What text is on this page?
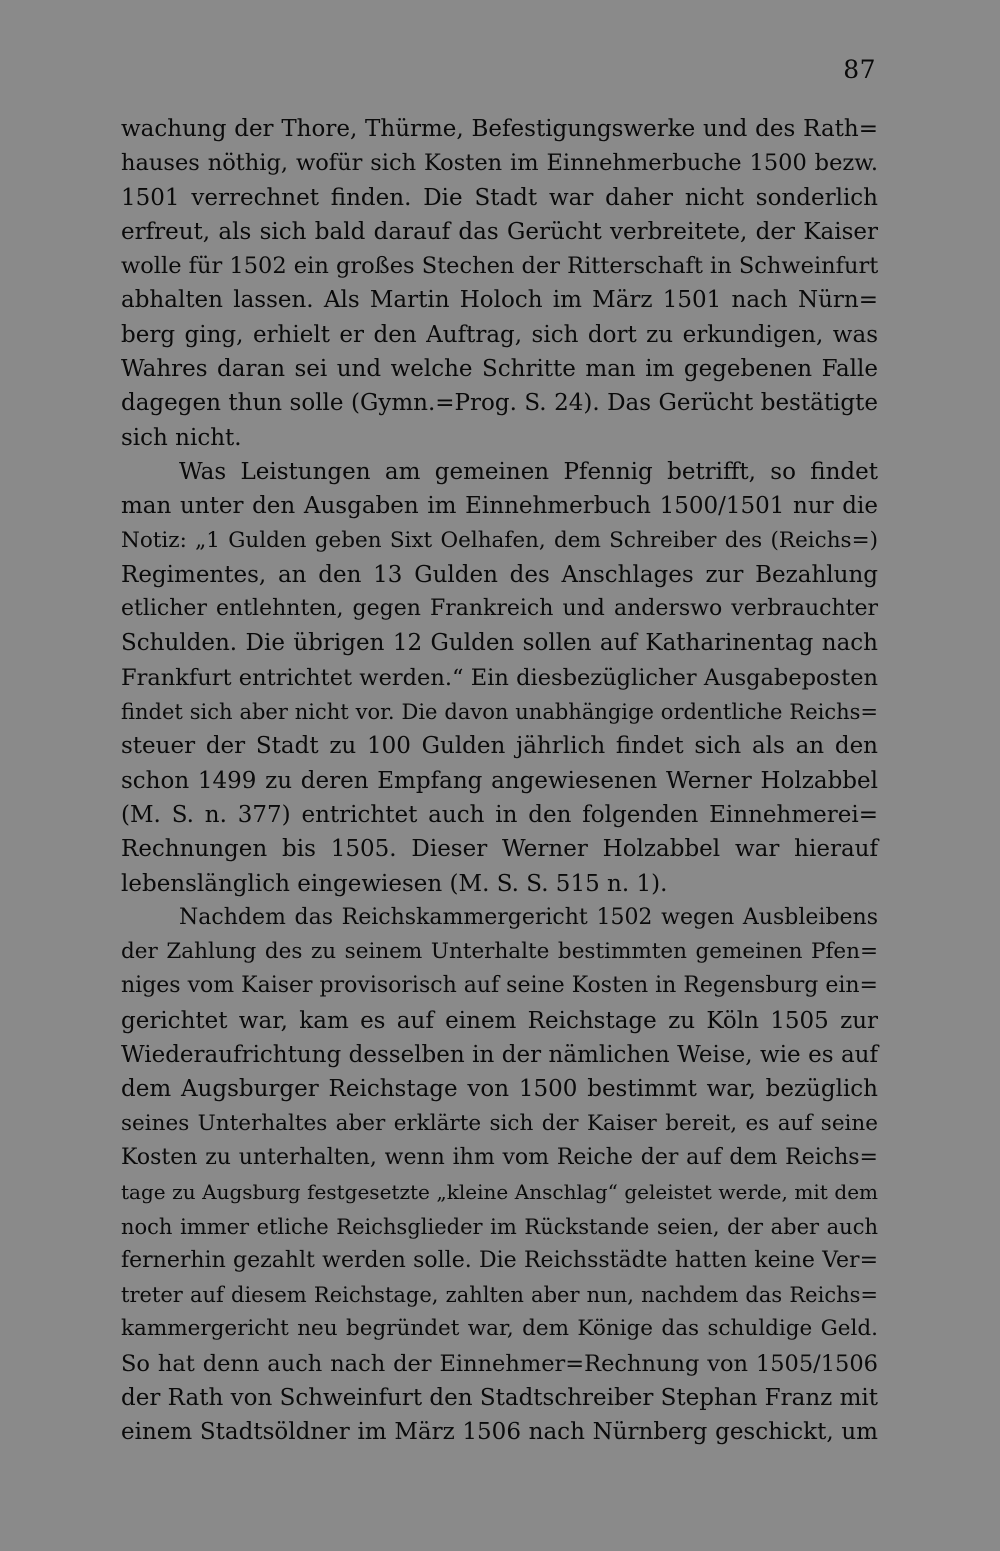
87
wachung der Thore, Thürme, Befestigungswerke und des Rath=
hauses nöthig, wofür sich Kosten im Einnehmerbuche 1500 bezw.
1501 verrechnet finden. Die Stadt war daher nicht sonderlich
erfreut, als sich bald darauf das Gerücht verbreitete, der Kaiser
wolle für 1502 ein großes Stechen der Ritterschaft in Schweinfurt
abhalten lassen. Als Martin Holoch im März 1501 nach Nürn=
berg ging, erhielt er den Auftrag, sich dort zu erkundigen, was
Wahres daran sei und welche Schritte man im gegebenen Falle
dagegen thun solle (Gymn.=Prog. S. 24). Das Gerücht bestätigte
sich nicht.
Was Leistungen am gemeinen Pfennig betrifft, so findet
man unter den Ausgaben im Einnehmerbuch 1500/1501 nur die
Notiz: „1 Gulden geben Sixt Oelhafen, dem Schreiber des (Reichs=)
Regimentes, an den 13 Gulden des Anschlages zur Bezahlung
etlicher entlehnten, gegen Frankreich und anderswo verbrauchter
Schulden. Die übrigen 12 Gulden sollen auf Katharinentag nach
Frankfurt entrichtet werden.“ Ein diesbezüglicher Ausgabeposten
findet sich aber nicht vor. Die davon unabhängige ordentliche Reichs=
steuer der Stadt zu 100 Gulden jährlich findet sich als an den
schon 1499 zu deren Empfang angewiesenen Werner Holzabbel
(M. S. n. 377) entrichtet auch in den folgenden Einnehmerei=
Rechnungen bis 1505. Dieser Werner Holzabbel war hierauf
lebenslänglich eingewiesen (M. S. S. 515 n. 1).
Nachdem das Reichskammergericht 1502 wegen Ausbleibens
der Zahlung des zu seinem Unterhalte bestimmten gemeinen Pfen=
niges vom Kaiser provisorisch auf seine Kosten in Regensburg ein=
gerichtet war, kam es auf einem Reichstage zu Köln 1505 zur
Wiederaufrichtung desselben in der nämlichen Weise, wie es auf
dem Augsburger Reichstage von 1500 bestimmt war, bezüglich
seines Unterhaltes aber erklärte sich der Kaiser bereit, es auf seine
Kosten zu unterhalten, wenn ihm vom Reiche der auf dem Reichs=
tage zu Augsburg festgesetzte „kleine Anschlag“ geleistet werde, mit dem
noch immer etliche Reichsglieder im Rückstande seien, der aber auch
fernerhin gezahlt werden solle. Die Reichsstädte hatten keine Ver=
treter auf diesem Reichstage, zahlten aber nun, nachdem das Reichs=
kammergericht neu begründet war, dem Könige das schuldige Geld.
So hat denn auch nach der Einnehmer=Rechnung von 1505/1506
der Rath von Schweinfurt den Stadtschreiber Stephan Franz mit
einem Stadtsöldner im März 1506 nach Nürnberg geschickt, um
